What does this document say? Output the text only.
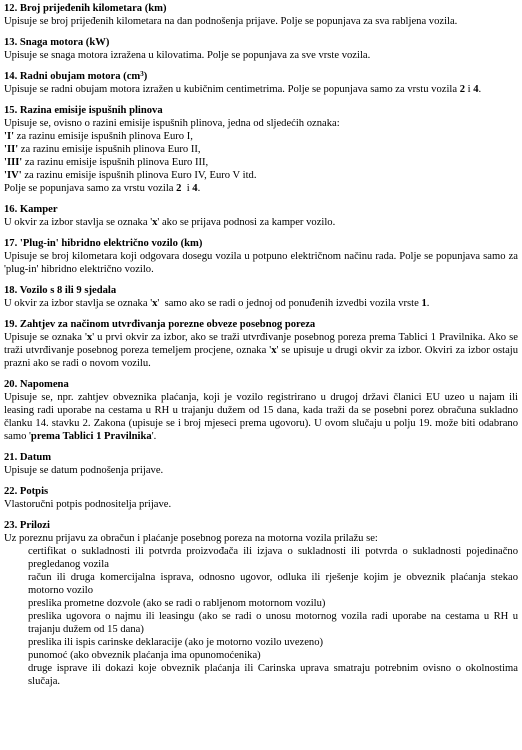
12. Broj prijeđenih kilometara (km)
Upisuje se broj prijeđenih kilometara na dan podnošenja prijave. Polje se popunjava za sva rabljena vozila.
13. Snaga motora (kW)
Upisuje se snaga motora izražena u kilovatima. Polje se popunjava za sve vrste vozila.
14. Radni obujam motora $(cm^3)$
Upisuje se radni obujam motora izražen u kubičnim centimetrima. Polje se popunjava samo za vrstu vozila 2 i 4.
15. Razina emisije ispušnih plinova
Upisuje se, ovisno o razini emisije ispušnih plinova, jedna od sljedećih oznaka:
'I' za razinu emisije ispušnih plinova Euro I,
'II' za razinu emisije ispušnih plinova Euro II,
'III' za razinu emisije ispušnih plinova Euro III,
'IV' za razinu emisije ispušnih plinova Euro IV, Euro V itd.
Polje se popunjava samo za vrstu vozila 2  i 4.
16. Kamper
U okvir za izbor stavlja se oznaka 'x' ako se prijava podnosi za kamper vozilo.
17. 'Plug-in' hibridno električno vozilo (km)
Upisuje se broj kilometara koji odgovara dosegu vozila u potpuno električnom načinu rada. Polje se popunjava samo za 'plug-in' hibridno električno vozilo.
18. Vozilo s 8 ili 9 sjedala
U okvir za izbor stavlja se oznaka 'x'  samo ako se radi o jednoj od ponuđenih izvedbi vozila vrste 1.
19. Zahtjev za načinom utvrđivanja porezne obveze posebnog poreza
Upisuje se oznaka 'x' u prvi okvir za izbor, ako se traži utvrđivanje posebnog poreza prema Tablici 1 Pravilnika. Ako se traži utvrđivanje posebnog poreza temeljem procjene, oznaka 'x' se upisuje u drugi okvir za izbor. Okviri za izbor ostaju prazni ako se radi o novom vozilu.
20. Napomena
Upisuje se, npr. zahtjev obveznika plaćanja, koji je vozilo registrirano u drugoj državi članici EU uzeo u najam ili leasing radi uporabe na cestama u RH u trajanju dužem od 15 dana, kada traži da se posebni porez obračuna sukladno članku 14. stavku 2. Zakona (upisuje se i broj mjeseci prema ugovoru). U ovom slučaju u polju 19. može biti odabrano samo 'prema Tablici 1 Pravilnika'.
21. Datum
Upisuje se datum podnošenja prijave.
22. Potpis
Vlastoručni potpis podnositelja prijave.
23. Prilozi
Uz poreznu prijavu za obračun i plaćanje posebnog poreza na motorna vozila prilažu se:
certifikat o sukladnosti ili potvrda proizvođača ili izjava o sukladnosti ili potvrda o sukladnosti pojedinačno pregledanog vozila
račun ili druga komercijalna isprava, odnosno ugovor, odluka ili rješenje kojim je obveznik plaćanja stekao motorno vozilo
preslika prometne dozvole (ako se radi o rabljenom motornom vozilu)
preslika ugovora o najmu ili leasingu (ako se radi o unosu motornog vozila radi uporabe na cestama u RH u trajanju dužem od 15 dana)
preslika ili ispis carinske deklaracije (ako je motorno vozilo uvezeno)
punomoć (ako obveznik plaćanja ima opunomoćenika)
druge isprave ili dokazi koje obveznik plaćanja ili Carinska uprava smatraju potrebnim ovisno o okolnostima slučaja.
